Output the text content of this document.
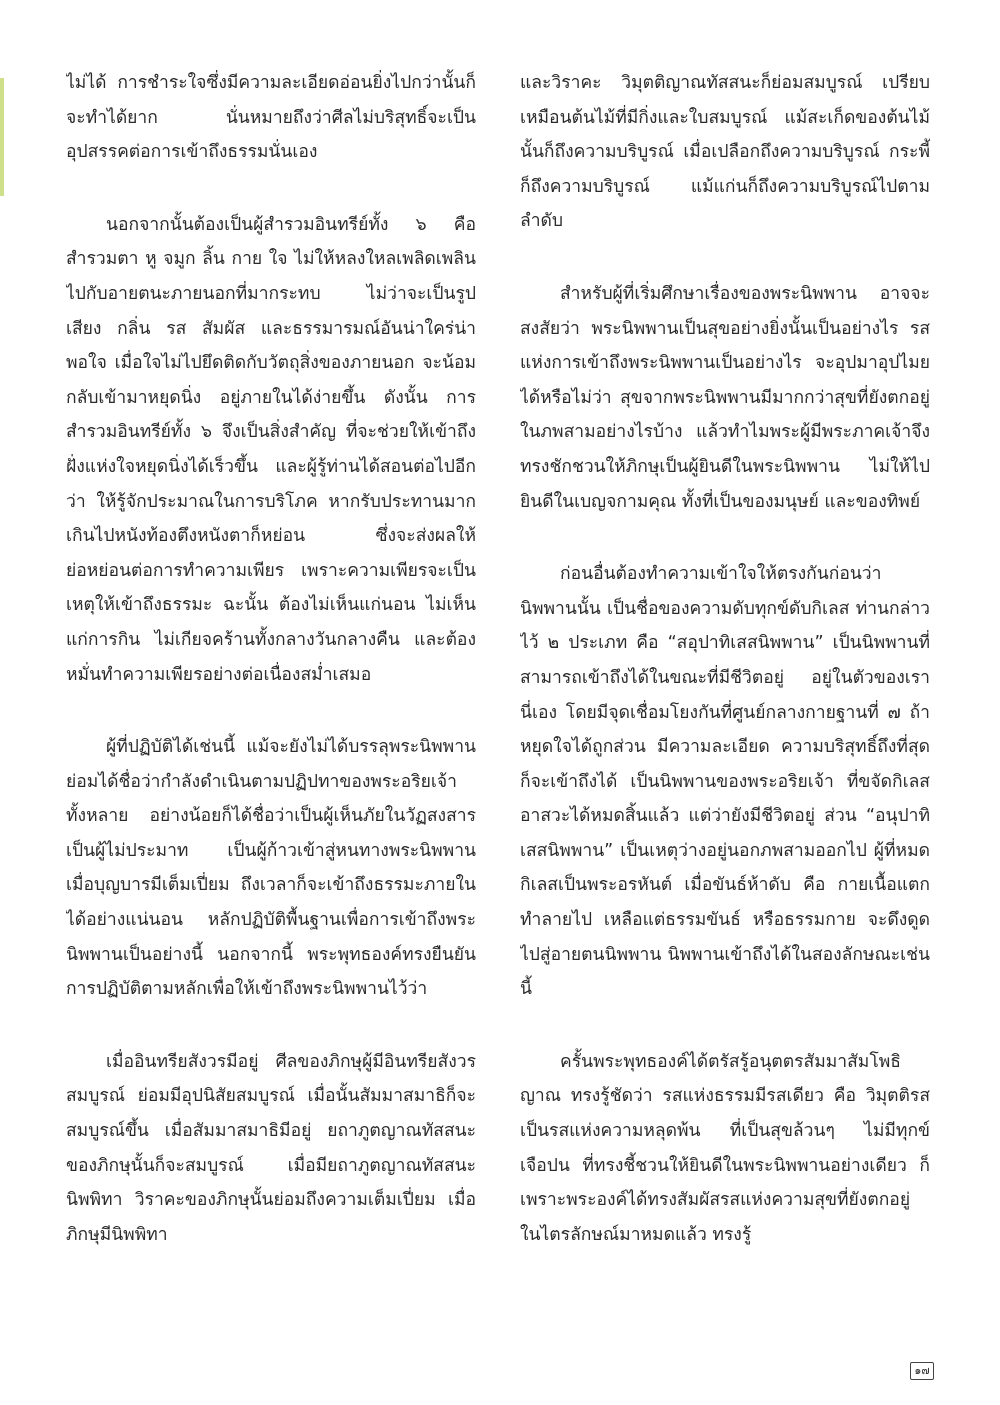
ไม่ได้ การชำระใจซึ่งมีความละเอียดอ่อนยิ่งไปกว่านั้นก็จะทำได้ยาก นั่นหมายถึงว่าศีลไม่บริสุทธิ์จะเป็นอุปสรรคต่อการเข้าถึงธรรมนั่นเอง

นอกจากนั้นต้องเป็นผู้สำรวมอินทรีย์ทั้ง ๖ คือ สำรวมตา หู จมูก ลิ้น กาย ใจ ไม่ให้หลงใหลเพลิดเพลินไปกับอายตนะภายนอกที่มากระทบ ไม่ว่าจะเป็นรูป เสียง กลิ่น รส สัมผัส และธรรมารมณ์อันน่าใคร่น่าพอใจ เมื่อใจไม่ไปยึดติดกับวัตถุสิ่งของภายนอก จะน้อมกลับเข้ามาหยุดนิ่ง อยู่ภายในได้ง่ายขึ้น ดังนั้น การสำรวมอินทรีย์ทั้ง ๖ จึงเป็นสิ่งสำคัญ ที่จะช่วยให้เข้าถึงฝั่งแห่งใจหยุดนิ่งได้เร็วขึ้น และผู้รู้ท่านได้สอนต่อไปอีกว่า ให้รู้จักประมาณในการบริโภค หากรับประทานมากเกินไปหนังท้องตึงหนังตาก็หย่อน ซึ่งจะส่งผลให้ย่อหย่อนต่อการทำความเพียร เพราะความเพียรจะเป็นเหตุให้เข้าถึงธรรมะ ฉะนั้น ต้องไม่เห็นแก่นอน ไม่เห็นแก่การกิน ไม่เกียจคร้านทั้งกลางวันกลางคืน และต้องหมั่นทำความเพียรอย่างต่อเนื่องสม่ำเสมอ

ผู้ที่ปฏิบัติได้เช่นนี้ แม้จะยังไม่ได้บรรลุพระนิพพาน ย่อมได้ชื่อว่ากำลังดำเนินตามปฏิปทาของพระอริยเจ้าทั้งหลาย อย่างน้อยก็ได้ชื่อว่าเป็นผู้เห็นภัยในวัฏสงสาร เป็นผู้ไม่ประมาท เป็นผู้ก้าวเข้าสู่หนทางพระนิพพาน เมื่อบุญบารมีเต็มเปี่ยม ถึงเวลาก็จะเข้าถึงธรรมะภายในได้อย่างแน่นอน หลักปฏิบัติพื้นฐานเพื่อการเข้าถึงพระนิพพานเป็นอย่างนี้ นอกจากนี้ พระพุทธองค์ทรงยืนยันการปฏิบัติตามหลักเพื่อให้เข้าถึงพระนิพพานไว้ว่า

เมื่ออินทรียสังวรมีอยู่ ศีลของภิกษุผู้มีอินทรียสังวรสมบูรณ์ ย่อมมีอุปนิสัยสมบูรณ์ เมื่อนั้นสัมมาสมาธิก็จะสมบูรณ์ขึ้น เมื่อสัมมาสมาธิมีอยู่ ยถาภูตญาณทัสสนะของภิกษุนั้นก็จะสมบูรณ์ เมื่อมียถาภูตญาณทัสสนะ นิพพิทา วิราคะของภิกษุนั้นย่อมถึงความเต็มเปี่ยม เมื่อภิกษุมีนิพพิทา

และวิราคะ วิมุตติญาณทัสสนะก็ย่อมสมบูรณ์ เปรียบเหมือนต้นไม้ที่มีกิ่งและใบสมบูรณ์ แม้สะเก็ดของต้นไม้นั้นก็ถึงความบริบูรณ์ เมื่อเปลือกถึงความบริบูรณ์ กระพี้ก็ถึงความบริบูรณ์ แม้แก่นก็ถึงความบริบูรณ์ไปตามลำดับ

สำหรับผู้ที่เริ่มศึกษาเรื่องของพระนิพพาน อาจจะสงสัยว่า พระนิพพานเป็นสุขอย่างยิ่งนั้นเป็นอย่างไร รสแห่งการเข้าถึงพระนิพพานเป็นอย่างไร จะอุปมาอุปไมยได้หรือไม่ว่า สุขจากพระนิพพานมีมากกว่าสุขที่ยังตกอยู่ในภพสามอย่างไรบ้าง แล้วทำไมพระผู้มีพระภาคเจ้าจึงทรงชักชวนให้ภิกษุเป็นผู้ยินดีในพระนิพพาน ไม่ให้ไปยินดีในเบญจกามคุณ ทั้งที่เป็นของมนุษย์ และของทิพย์

ก่อนอื่นต้องทำความเข้าใจให้ตรงกันก่อนว่า นิพพานนั้น เป็นชื่อของความดับทุกข์ดับกิเลส ท่านกล่าวไว้ ๒ ประเภท คือ “สอุปาทิเสสนิพพาน” เป็นนิพพานที่สามารถเข้าถึงได้ในขณะที่มีชีวิตอยู่ อยู่ในตัวของเรานี่เอง โดยมีจุดเชื่อมโยงกันที่ศูนย์กลางกายฐานที่ ๗ ถ้าหยุดใจได้ถูกส่วน มีความละเอียด ความบริสุทธิ์ถึงที่สุด ก็จะเข้าถึงได้ เป็นนิพพานของพระอริยเจ้า ที่ขจัดกิเลสอาสวะได้หมดสิ้นแล้ว แต่ว่ายังมีชีวิตอยู่ ส่วน “อนุปาทิเสสนิพพาน” เป็นเหตุว่างอยู่นอกภพสามออกไป ผู้ที่หมดกิเลสเป็นพระอรหันต์ เมื่อขันธ์ห้าดับ คือ กายเนื้อแตกทำลายไป เหลือแต่ธรรมขันธ์ หรือธรรมกาย จะดึงดูดไปสู่อายตนนิพพาน นิพพานเข้าถึงได้ในสองลักษณะเช่นนี้

ครั้นพระพุทธองค์ได้ตรัสรู้อนุตตรสัมมาสัมโพธิญาณ ทรงรู้ชัดว่า รสแห่งธรรมมีรสเดียว คือ วิมุตติรส เป็นรสแห่งความหลุดพ้น ที่เป็นสุขล้วนๆ ไม่มีทุกข์เจือปน ที่ทรงชี้ชวนให้ยินดีในพระนิพพานอย่างเดียว ก็เพราะพระองค์ได้ทรงสัมผัสรสแห่งความสุขที่ยังตกอยู่ในไตรลักษณ์มาหมดแล้ว ทรงรู้

๑๗
